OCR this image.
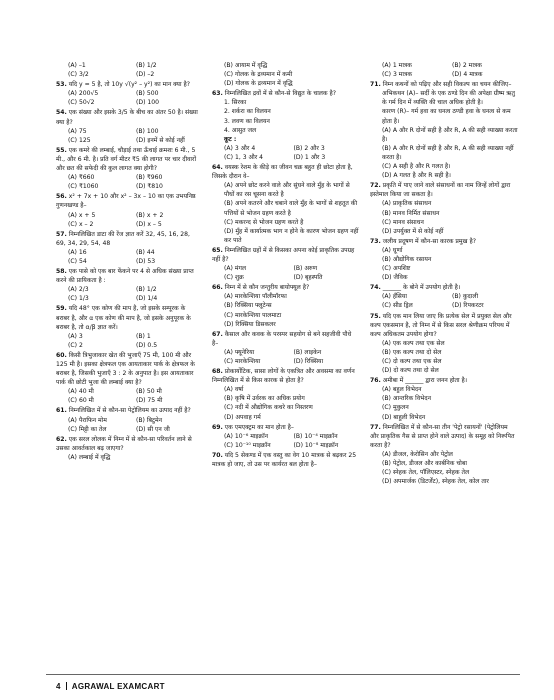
(A) –1	(B) 1/2
(C) 3/2	(D) –2
53. यदि y = 5 है, तो 10y √(y² – y²) का मान क्या है?
(A) 200√5	(B) 500
(C) 50√2	(D) 100
54. एक संख्या और इसके 3/5 के बीच का अंतर 50 है। संख्या क्या है?
(A) 75	(B) 100
(C) 125	(D) इनमें से कोई नहीं
55. एक कमरे की लम्बाई, चौड़ाई तथा ऊँचाई क्रमशः 6 मी., 5 मी., और 6 मी. है। प्रति वर्ग मीटर ₹5 की लागत पर चार दीवारों और छत की सफेदी की कुल लागत क्या होगी?
(A) ₹660	(B) ₹960
(C) ₹1060	(D) ₹810
56. x² + 7x + 10 और x² – 3x – 10 का एक उभयनिष्ठ गुणनखण्ड है–
(A) x + 5	(B) x + 2
(C) x – 2	(D) x – 5
57. निम्नलिखित डाटा की रेंज ज्ञात करें 32, 45, 16, 28, 69, 34, 29, 54, 48
(A) 16	(B) 44
(C) 54	(D) 53
58. एक पासे को एक बार फेंकने पर 4 से अधिक संख्या प्राप्त करने की प्रायिकता है :
(A) 2/3	(B) 1/2
(C) 1/3	(D) 1/4
59. यदि 48° एक कोण की माप है, जो इसके सम्पूरक के बराबर है, और α एक कोण की माप है, जो इसके अनुपूरक के बराबर है, तो α/β ज्ञात करें।
(A) 3	(B) 1
(C) 2	(D) 0.5
60. किसी त्रिभुजाकार खेत की भुजाएँ 75 मी, 100 मी और 125 मी है। इसका क्षेत्रफल एक आयताकार पार्क के क्षेत्रफल के बराबर है, जिसकी भुजाएँ 3 : 2 के अनुपात है। इस आयताकार पार्क की छोटी भुजा की लम्बाई क्या है?
(A) 40 मी	(B) 50 मी
(C) 60 मी	(D) 75 मी
61. निम्नलिखित में से कौन-सा पेट्रोलियम का उत्पाद नहीं है?
(A) पैराफिन मोम	(B) बिटुमेन
(C) मिट्टी का तेल	(D) सी एन जी
62. एक सरल लोलक में निम्न में से कौन-सा परिवर्तन लाने से उसका आवर्तकाल बढ़ जाएगा?
(A) लम्बाई में वृद्धि
(B) आयाम में वृद्धि
(C) गोलक के द्रव्यमान में कमी
(D) गोलक के द्रव्यमान में वृद्धि
63. निम्नलिखित द्रवों में से कौन-से विद्युत के चालक है?
1. सिरका
2. शर्करा का विलयन
3. लवण का विलयन
4. आसुत जल
कूट :
(A) 3 और 4	(B) 2 और 3
(C) 1, 3 और 4	(D) 1 और 3
64. वयस्क रेशम के कीड़े का जीवन चक्र बहुत ही छोटा होता है, जिसके दौरान वे–
(A) अपने छोट करने वाले और सुंघने वाले मुँह के भागों से पौधों का रस चूसना करते है
(B) अपने कतरने और चबाने वाले मुँह के भागों से शहतूत की पत्तियों से भोजन ग्रहण करते है
(C) मकरन्द से भोजन ग्रहण करते है
(D) मुँह में कार्यात्मक भाग न होने के कारण भोजन ग्रहण नहीं कर पाते
65. निम्नलिखित ग्रहों में से किसका अपना कोई प्राकृतिक उपग्रह नहीं है?
(A) मंगल	(B) अरुण
(C) शुक्र	(D) बृहस्पति
66. निम्न में से कौन जन्तुरीय बायोफ्यूल है?
(A) मारकेन्शिया पॉलीमॉरफा
(B) रिक्सिया फ्लूटेन्स
(C) मारकेन्शिया पालमाटा
(D) रिक्सिया डिसकलर
67. कैसाल और कवक के परस्पर सहयोग से बने सहजीवी पौधे है–
(A) फ्यूनेरिया	(B) लाइकेन
(C) मारकेन्शिया	(D) रिक्सिया
68. प्रोकार्योटिक, सासा लोगों के एकत्रित और अवसमा का वर्णन निम्नलिखित में से किस कारक से होता है?
(A) वर्षा
(B) कृषि में उर्वरक का अधिक प्रयोग
(C) नदी में औद्योगिक कचरे का निस्तरण
(D) अपवाह गर्म
69. एक एमएक्ट्रम का मान होता है–
(A) 10⁻⁶ माइक्रॉन	(B) 10⁻⁴ माइक्रॉन
(C) 10⁻¹⁰ माइक्रॉन	(D) 10⁻⁸ माइक्रॉन
70. यदि 5 सेकण्ड में एक वस्तु का वेग 10 मात्रक से बढ़कर 25 मात्रक हो जाए, तो उस पर कार्यरत बल होता है–
(A) 1 मात्रक	(B) 2 मात्रक
(C) 3 मात्रक	(D) 4 मात्रक
71. निम्न कथनों को पढ़िए और सही विकल्प का चयन कीजिए–
अभिकथन (A)– सर्दी के एक ठण्डे दिन की अपेक्षा ग्रीष्म ऋतु के गर्म दिन में व्यक्ति की चाल अधिक होती है।
कारण (R)– गर्म हवा का घनत्व ठण्डी हवा के घनत्व से कम होता है।
(A) A और R दोनों सही है और R, A की सही व्याख्या करता है।
(B) A और R दोनों सही है और R, A की सही व्याख्या नहीं करता है।
(C) A सही है और R गलत है।
(D) A गलत है और R सही है।
72. प्रकृति में पाए जाने वाले संसाधनों का नाम जिन्हें लोगों द्वारा इस्तेमाल किया जा सकता है।
(A) प्राकृतिक संसाधन
(B) मानव निर्मित संसाधन
(C) मानव संसाधन
(D) उपर्युक्त में से कोई नहीं
73. जलीय प्रदूषण में कौन-सा कारक प्रमुख है?
(A) घूर्णा
(B) औद्योगिक रसायन
(C) अपशिष्ट
(D) जैविक
74. ______ के बोने में उपयोग होती है।
(A) हँसिया	(B) कुदाली
(C) सीड ड्रिल	(D) रिपकरटर
75. यदि एक मान लिया जाए कि प्रत्येक सेल में प्रयुक्त सेल और कल्प एकसमान है, तो निम्न में से किस सरल श्रेणीक्रम परिपथ में कल्प अधिकतम उपयोग होगा?
(A) एक कल्प तथा एक सेल
(B) एक कल्प तथा दो सेल
(C) दो कल्प तथा एक सेल
(D) दो कल्प तथा दो सेल
76. अमीबा में ______ द्वारा जनन होता है।
(A) बहुल विभेदन
(B) आन्तरिक विभेदन
(C) मुकुलन
(D) बाहुली विभेदन
77. निम्नलिखित में से कौन-सा तीन 'पेट्रो रसायनों' (पेट्रोलियम और प्राकृतिक गैस से प्राप्त होने वाले उत्पाद) के समूह को निरूपित करता है?
(A) डीजल, केरोसिन और पेट्रोल
(B) पेट्रोल, डीजल और कार्बनिक चोबा
(C) स्नेहक तेल, पॉलिएस्टर, स्नेहक तेल
(D) अपमार्जक (डिटर्जेंट), स्नेहक तेल, कोल तार
4 AGRAWAL EXAMCART
